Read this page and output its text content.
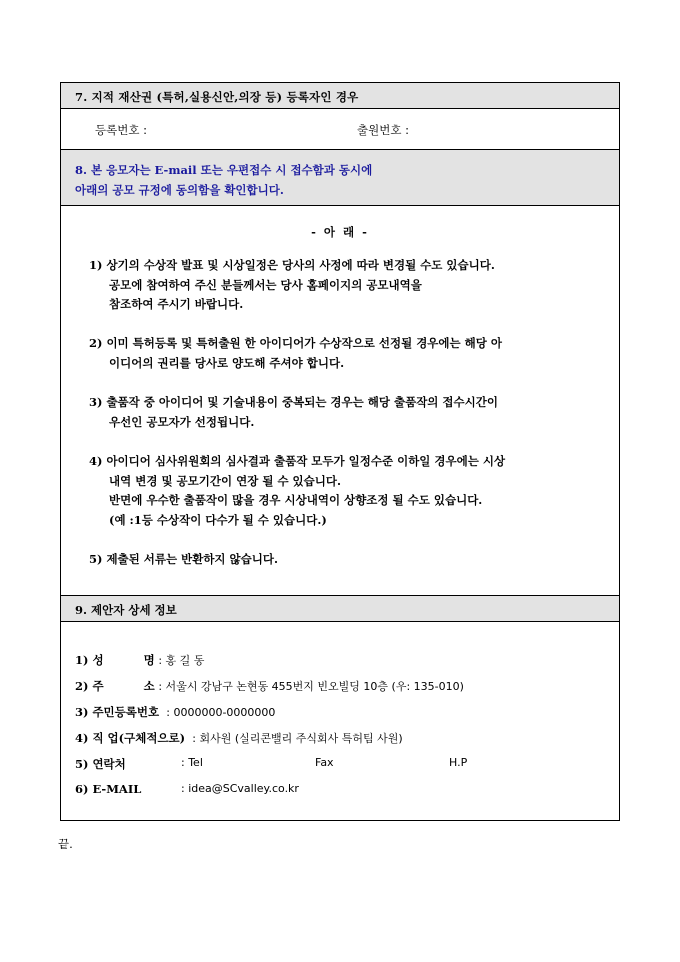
7. 지적 재산권 (특허,실용신안,의장 등) 등록자인 경우
등록번호 :	출원번호 :
8. 본 응모자는 E-mail 또는 우편접수 시 접수함과 동시에
아래의 공모 규정에 동의함을 확인합니다.
- 아 래 -
1) 상기의 수상작 발표 및 시상일정은 당사의 사정에 따라 변경될 수도 있습니다.
공모에 참여하여 주신 분들께서는 당사 홈페이지의 공모내역을
참조하여 주시기 바랍니다.
2) 이미 특허등록 및 특허출원 한 아이디어가 수상작으로 선정될 경우에는 해당 아
이디어의 권리를 당사로 양도해 주셔야 합니다.
3) 출품작 중 아이디어 및 기술내용이 중복되는 경우는 해당 출품작의 접수시간이
우선인 공모자가 선정됩니다.
4) 아이디어 심사위원회의 심사결과 출품작 모두가 일정수준 이하일 경우에는 시상
내역 변경 및 공모기간이 연장 될 수 있습니다.
반면에 우수한 출품작이 많을 경우 시상내역이 상향조정 될 수도 있습니다.
(예 :1등 수상작이 다수가 될 수 있습니다.)
5) 제출된 서류는 반환하지 않습니다.
9. 제안자 상세 정보
1) 성          명 : 홍 길 동
2) 주          소 : 서울시 강남구 논현동 455번지 빈오빌딩 10층 (우: 135-010)
3) 주민등록번호  : 0000000-0000000
4) 직 업(구체적으로)  : 회사원 (실리콘밸리 주식회사 특허팀 사원)
5) 연락처	: Tel	Fax	H.P
6) E-MAIL	: idea@SCvalley.co.kr
끝.
